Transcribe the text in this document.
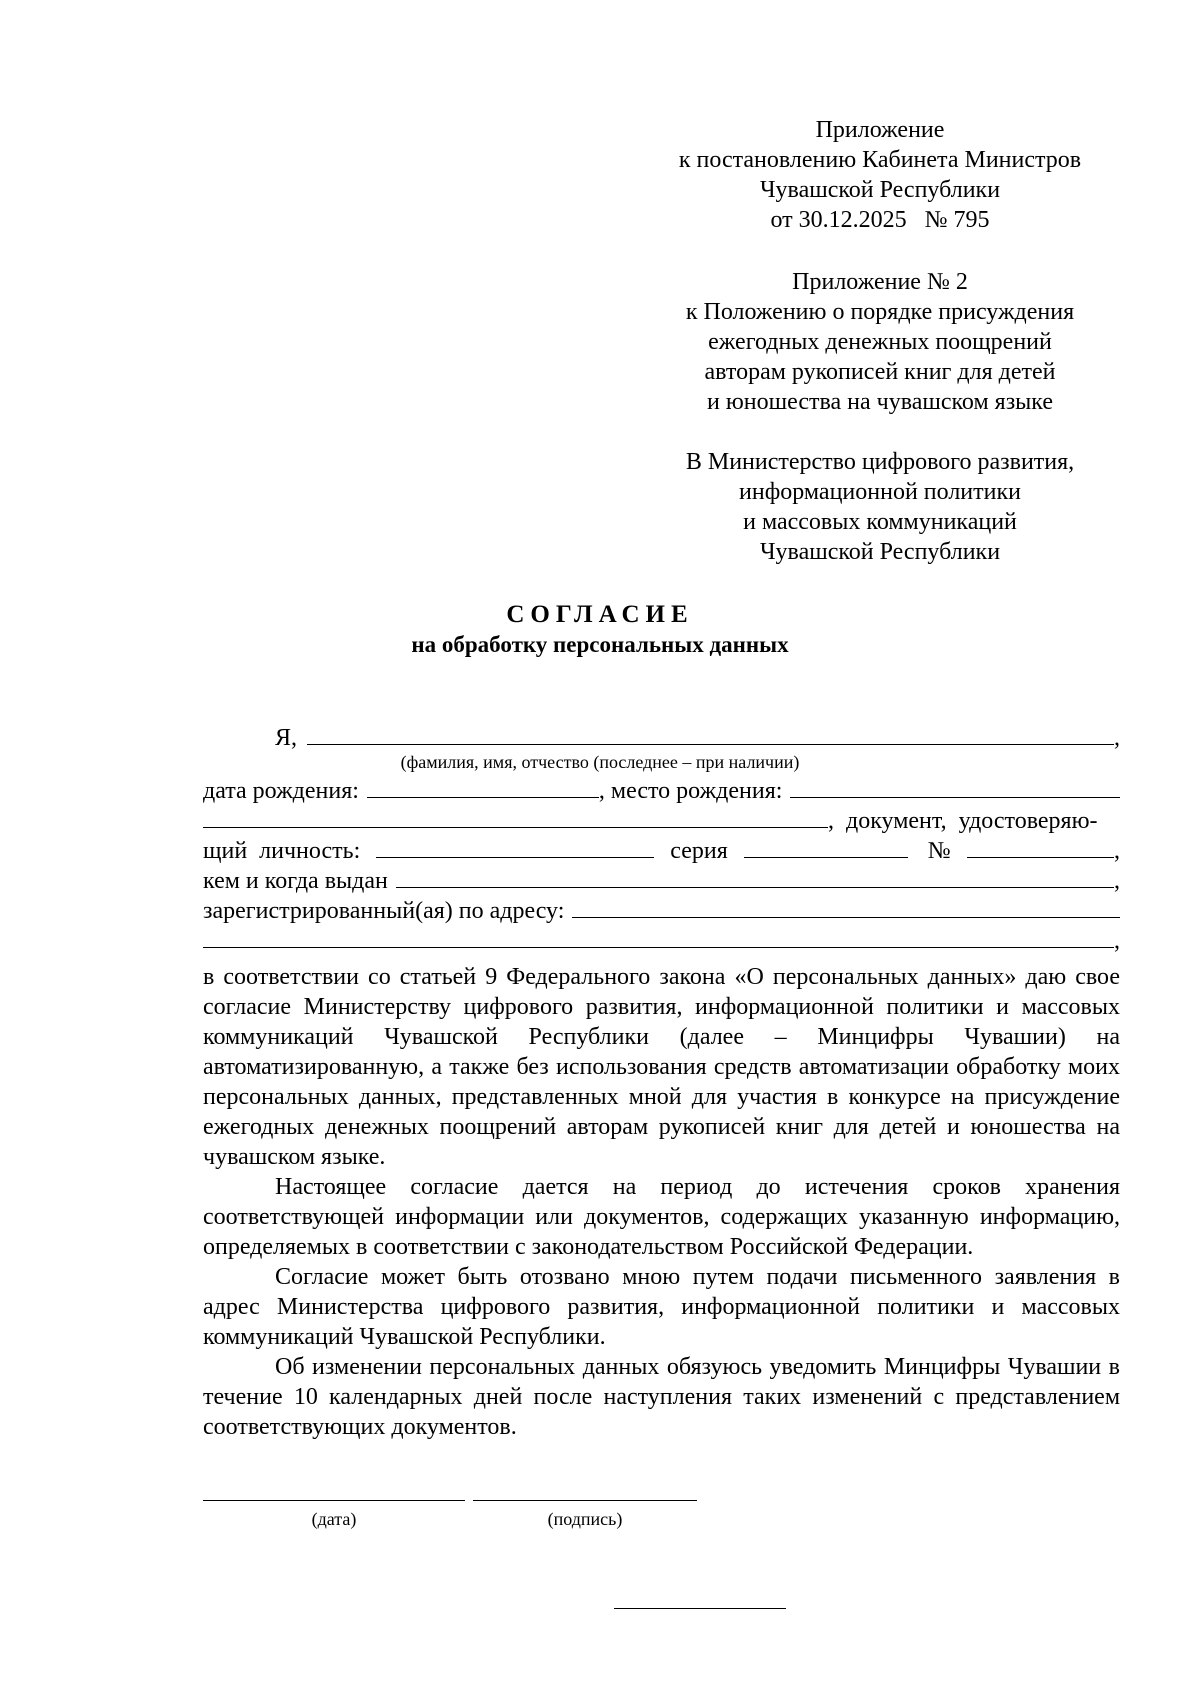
Приложение
к постановлению Кабинета Министров
Чувашской Республики
от 30.12.2025   № 795
Приложение № 2
к Положению о порядке присуждения
ежегодных денежных поощрений
авторам рукописей книг для детей
и юношества на чувашском языке
В Министерство цифрового развития,
информационной политики
и массовых коммуникаций
Чувашской Республики
СОГЛАСИЕ
на обработку персональных данных
Я,	,
(фамилия, имя, отчество (последнее – при наличии)
дата рождения:	, место рождения:
,  документ,  удостоверяю-
щий  личность:	серия	№	,
кем и когда выдан	,
зарегистрированный(ая) по адресу:
,

в соответствии со статьей 9 Федерального закона «О персональных данных» даю свое согласие Министерству цифрового развития, информационной политики и массовых коммуникаций Чувашской Республики (далее – Минцифры Чувашии) на автоматизированную, а также без использования средств автоматизации обработку моих персональных данных, представленных мной для участия в конкурсе на присуждение ежегодных денежных поощрений авторам рукописей книг для детей и юношества на чувашском языке.

Настоящее согласие дается на период до истечения сроков хранения соответствующей информации или документов, содержащих указанную информацию, определяемых в соответствии с законодательством Российской Федерации.

Согласие может быть отозвано мною путем подачи письменного заявления в адрес Министерства цифрового развития, информационной политики и массовых коммуникаций Чувашской Республики.

Об изменении персональных данных обязуюсь уведомить Минцифры Чувашии в течение 10 календарных дней после наступления таких изменений с представлением соответствующих документов.

(дата)	(подпись)
